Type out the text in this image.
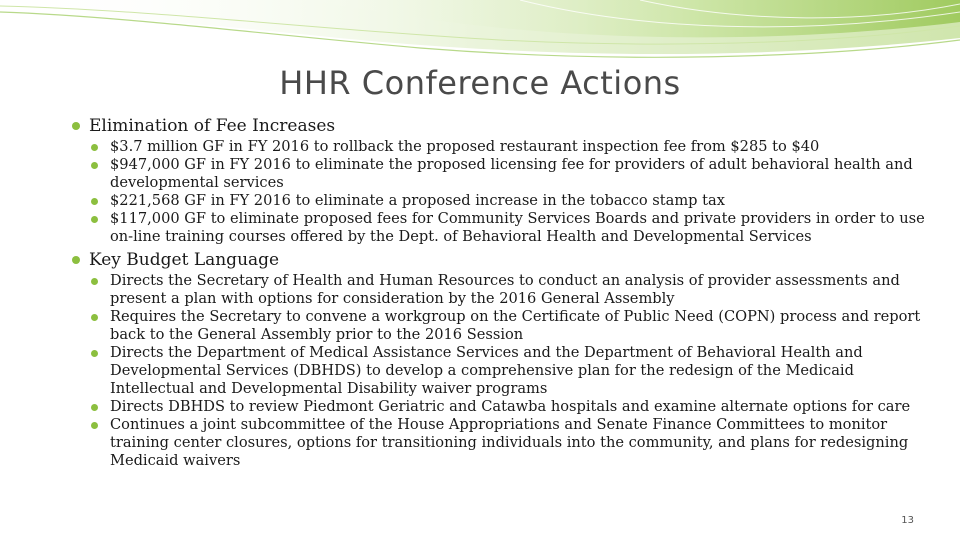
HHR Conference Actions

Elimination of Fee Increases

$3.7 million GF in FY 2016 to rollback the proposed restaurant inspection fee from $285 to $40
$947,000 GF in FY 2016 to eliminate the proposed licensing fee for providers of adult behavioral health and developmental services
$221,568 GF in FY 2016 to eliminate a proposed increase in the tobacco stamp tax
$117,000 GF to eliminate proposed fees for Community Services Boards and private providers in order to use on-line training courses offered by the Dept. of Behavioral Health and Developmental Services

Key Budget Language

Directs the Secretary of Health and Human Resources to conduct an analysis of provider assessments and present a plan with options for consideration by the 2016 General Assembly
Requires the Secretary to convene a workgroup on the Certificate of Public Need (COPN) process and report back to the General Assembly prior to the 2016 Session
Directs the Department of Medical Assistance Services and the Department of Behavioral Health and Developmental Services (DBHDS) to develop a comprehensive plan for the redesign of the Medicaid Intellectual and Developmental Disability waiver programs
Directs DBHDS to review Piedmont Geriatric and Catawba hospitals and examine alternate options for care
Continues a joint subcommittee of the House Appropriations and Senate Finance Committees to monitor training center closures, options for transitioning individuals into the community, and plans for redesigning Medicaid waivers
13
